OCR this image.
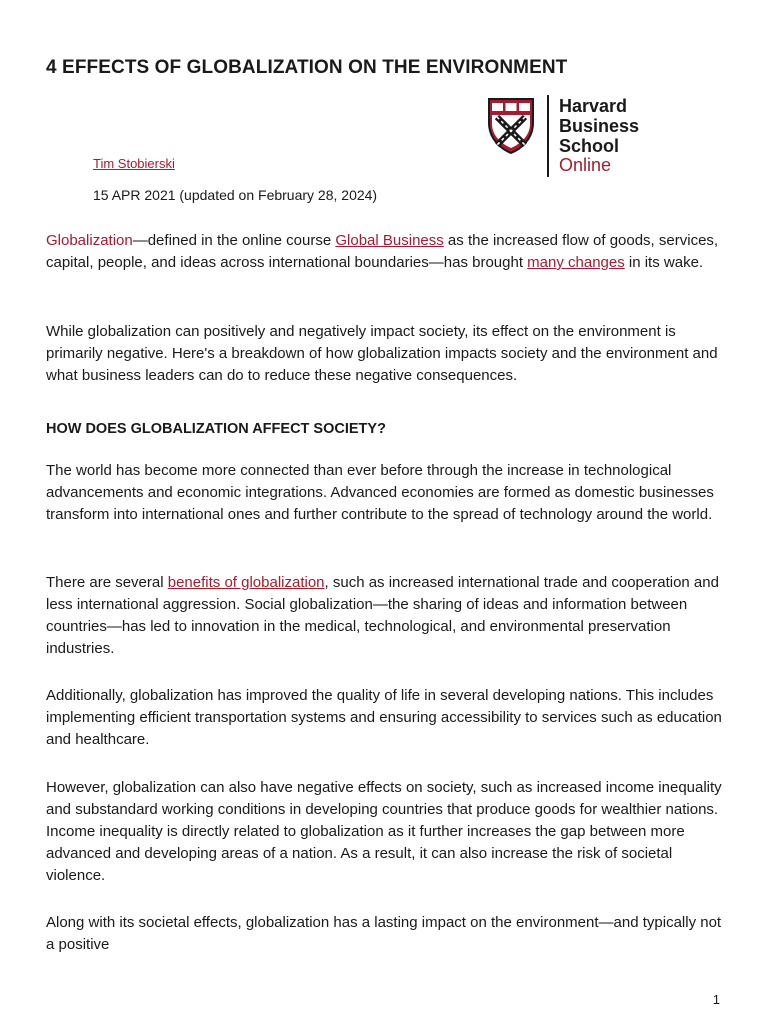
4 EFFECTS OF GLOBALIZATION ON THE ENVIRONMENT
Harvard
Business
School
Online
Tim Stobierski
15 APR 2021 (updated on February 28, 2024)

Globalization—defined in the online course Global Business as the increased flow of goods, services, capital, people, and ideas across international boundaries—has brought many changes in its wake.

While globalization can positively and negatively impact society, its effect on the environment is primarily negative. Here's a breakdown of how globalization impacts society and the environment and what business leaders can do to reduce these negative consequences.

HOW DOES GLOBALIZATION AFFECT SOCIETY?

The world has become more connected than ever before through the increase in technological advancements and economic integrations. Advanced economies are formed as domestic businesses transform into international ones and further contribute to the spread of technology around the world.

There are several benefits of globalization, such as increased international trade and cooperation and less international aggression. Social globalization—the sharing of ideas and information between countries—has led to innovation in the medical, technological, and environmental preservation industries.

Additionally, globalization has improved the quality of life in several developing nations. This includes implementing efficient transportation systems and ensuring accessibility to services such as education and healthcare.

However, globalization can also have negative effects on society, such as increased income inequality and substandard working conditions in developing countries that produce goods for wealthier nations. Income inequality is directly related to globalization as it further increases the gap between more advanced and developing areas of a nation. As a result, it can also increase the risk of societal violence.

Along with its societal effects, globalization has a lasting impact on the environment—and typically not a positive

1
